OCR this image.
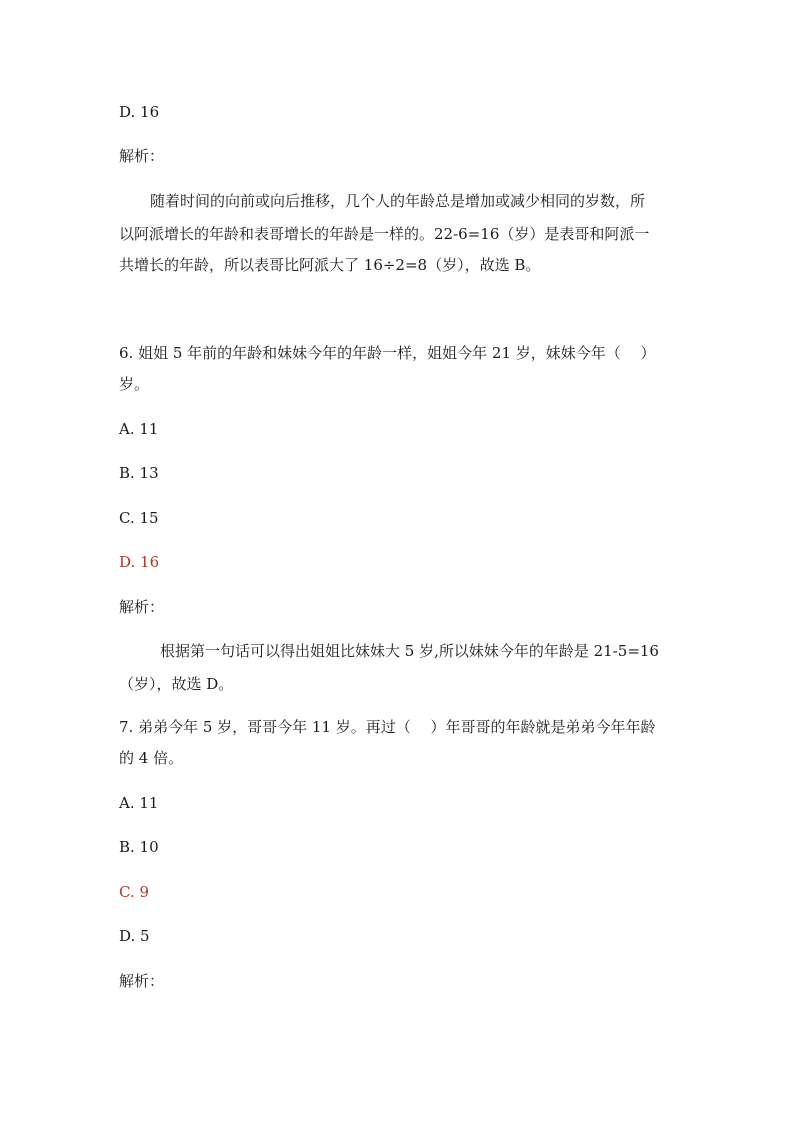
D. 16
解析：
随着时间的向前或向后推移，几个人的年龄总是增加或减少相同的岁数，所
以阿派增长的年龄和表哥增长的年龄是一样的。22-6=16（岁）是表哥和阿派一
共增长的年龄，所以表哥比阿派大了 16÷2=8（岁），故选 B。
6. 姐姐 5 年前的年龄和妹妹今年的年龄一样，姐姐今年 21 岁，妹妹今年（　 ）
岁。
A. 11
B. 13
C. 15
D. 16
解析：
根据第一句话可以得出姐姐比妹妹大 5 岁,所以妹妹今年的年龄是 21-5=16
（岁），故选 D。
7. 弟弟今年 5 岁，哥哥今年 11 岁。再过（　 ）年哥哥的年龄就是弟弟今年年龄
的 4 倍。
A. 11
B. 10
C. 9
D. 5
解析：
